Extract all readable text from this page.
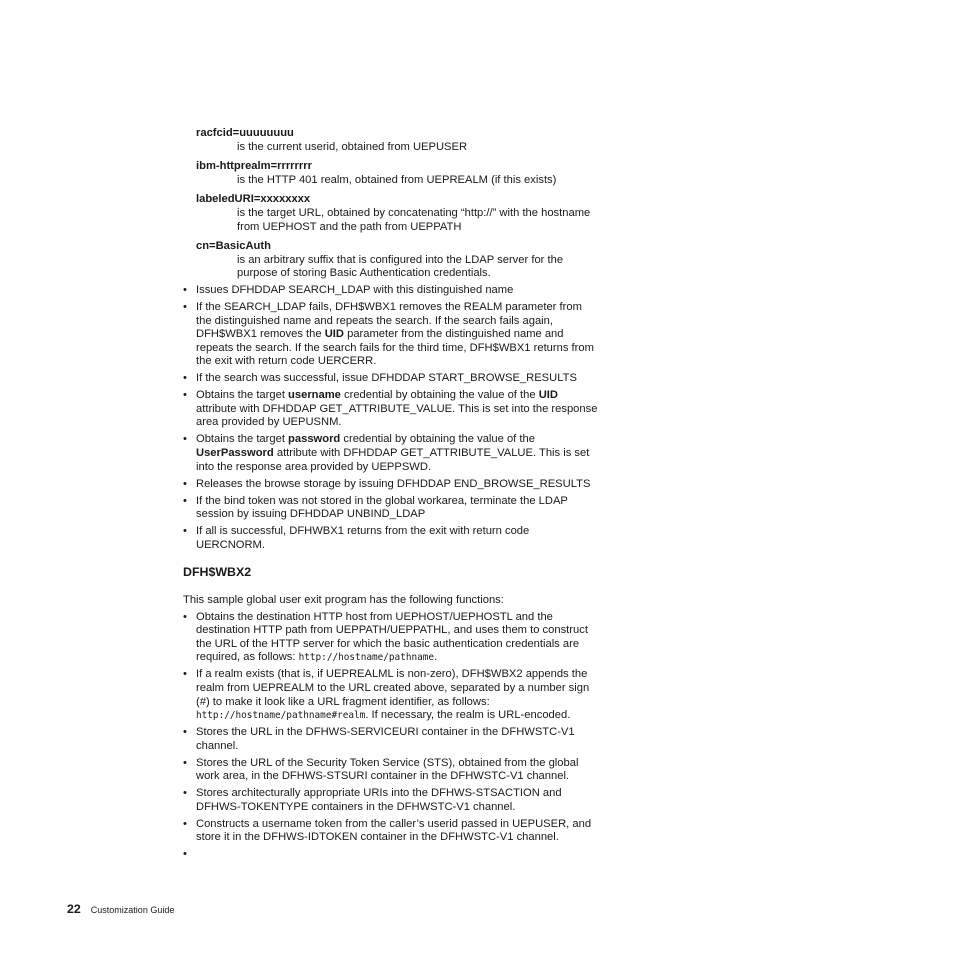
racfcid=uuuuuuuu
is the current userid, obtained from UEPUSER
ibm-httprealm=rrrrrrrr
is the HTTP 401 realm, obtained from UEPREALM (if this exists)
labeledURI=xxxxxxxx
is the target URL, obtained by concatenating “http://” with the hostname
from UEPHOST and the path from UEPPATH
cn=BasicAuth
is an arbitrary suffix that is configured into the LDAP server for the
purpose of storing Basic Authentication credentials.
• Issues DFHDDAP SEARCH_LDAP with this distinguished name
• If the SEARCH_LDAP fails, DFH$WBX1 removes the REALM parameter from
the distinguished name and repeats the search. If the search fails again,
DFH$WBX1 removes the UID parameter from the distinguished name and
repeats the search. If the search fails for the third time, DFH$WBX1 returns from
the exit with return code UERCERR.
• If the search was successful, issue DFHDDAP START_BROWSE_RESULTS
• Obtains the target username credential by obtaining the value of the UID
attribute with DFHDDAP GET_ATTRIBUTE_VALUE. This is set into the response
area provided by UEPUSNM.
• Obtains the target password credential by obtaining the value of the
UserPassword attribute with DFHDDAP GET_ATTRIBUTE_VALUE. This is set
into the response area provided by UEPPSWD.
• Releases the browse storage by issuing DFHDDAP END_BROWSE_RESULTS
• If the bind token was not stored in the global workarea, terminate the LDAP
session by issuing DFHDDAP UNBIND_LDAP
• If all is successful, DFHWBX1 returns from the exit with return code
UERCNORM.
DFH$WBX2

This sample global user exit program has the following functions:

• Obtains the destination HTTP host from UEPHOST/UEPHOSTL and the
destination HTTP path from UEPPATH/UEPPATHL, and uses them to construct
the URL of the HTTP server for which the basic authentication credentials are
required, as follows: http://hostname/pathname.
• If a realm exists (that is, if UEPREALML is non-zero), DFH$WBX2 appends the
realm from UEPREALM to the URL created above, separated by a number sign
(#) to make it look like a URL fragment identifier, as follows:
http://hostname/pathname#realm. If necessary, the realm is URL-encoded.
• Stores the URL in the DFHWS-SERVICEURI container in the DFHWSTC-V1
channel.
• Stores the URL of the Security Token Service (STS), obtained from the global
work area, in the DFHWS-STSURI container in the DFHWSTC-V1 channel.
• Stores architecturally appropriate URIs into the DFHWS-STSACTION and
DFHWS-TOKENTYPE containers in the DFHWSTC-V1 channel.
• Constructs a username token from the caller’s userid passed in UEPUSER, and
store it in the DFHWS-IDTOKEN container in the DFHWSTC-V1 channel.
•

22 Customization Guide
